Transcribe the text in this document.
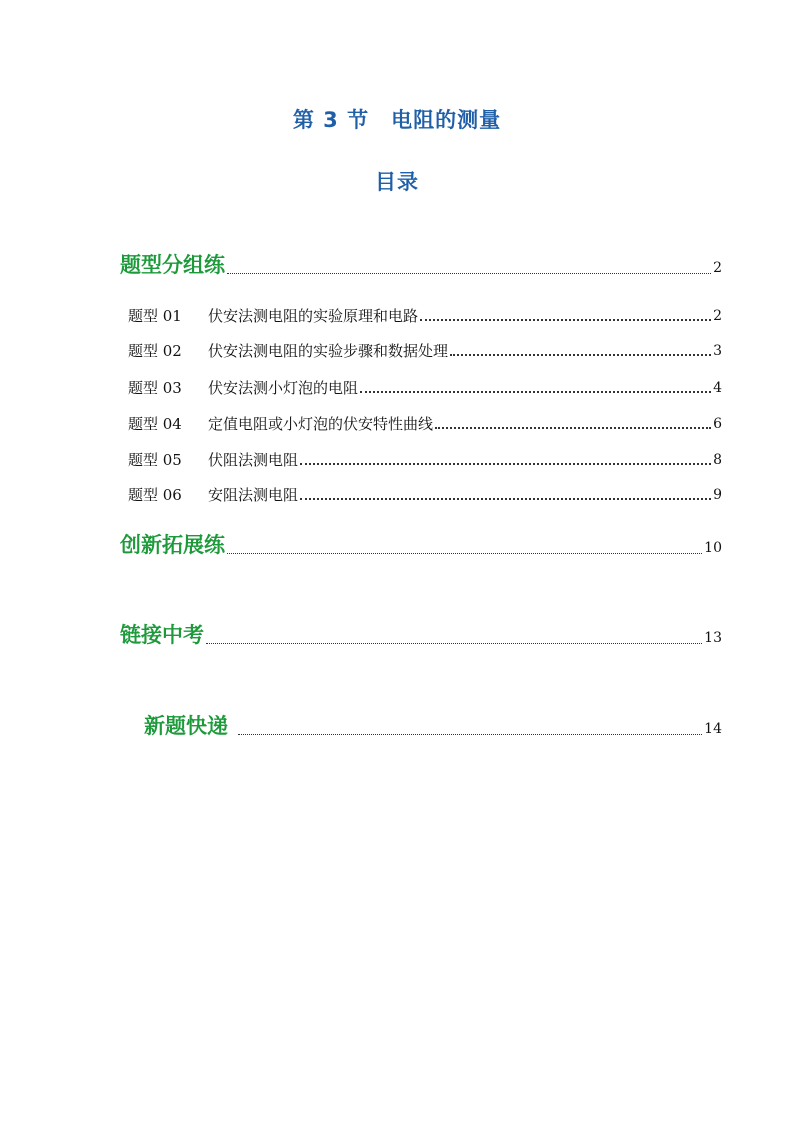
第 3 节　电阻的测量
目录
题型分组练	2
题型 01 伏安法测电阻的实验原理和电路	2
题型 02 伏安法测电阻的实验步骤和数据处理	3
题型 03 伏安法测小灯泡的电阻	4
题型 04 定值电阻或小灯泡的伏安特性曲线	6
题型 05 伏阻法测电阻	8
题型 06 安阻法测电阻	9
创新拓展练	10
链接中考	13
新题快递	14
